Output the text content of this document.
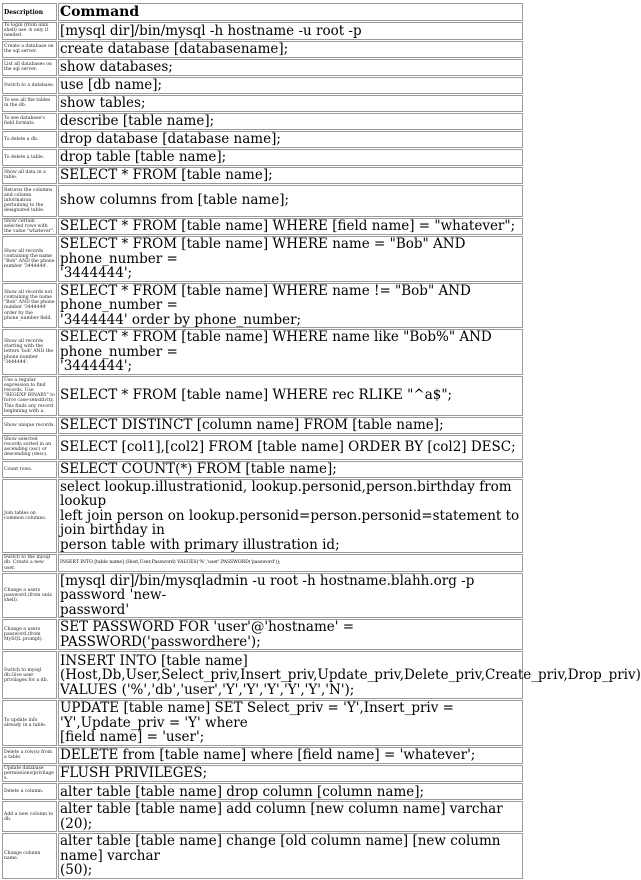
Description	Command
To login (from unix shell) use -h only if needed.	[mysql dir]/bin/mysql -h hostname -u root -p
Create a database on the sql server.	create database [databasename];
List all databases on the sql server.	show databases;
Switch to a database.	use [db name];
To see all the tables in the db.	show tables;
To see database's field formats.	describe [table name];
To delete a db.	drop database [database name];
To delete a table.	drop table [table name];
Show all data in a table.	SELECT * FROM [table name];
Returns the columns and column information pertaining to the designated table.	show columns from [table name];
Show certain selected rows with the value "whatever".	SELECT * FROM [table name] WHERE [field name] = "whatever";
Show all records containing the name "Bob" AND the phone number '3444444'.	SELECT * FROM [table name] WHERE name = "Bob" AND phone_number =
'3444444';
Show all records not containing the name "Bob" AND the phone number '3444444' order by the phone_number field.	SELECT * FROM [table name] WHERE name != "Bob" AND phone_number =
'3444444' order by phone_number;
Show all records starting with the letters 'bob' AND the phone number '3444444'.	SELECT * FROM [table name] WHERE name like "Bob%" AND phone_number =
'3444444';
Use a regular expression to find records. Use "REGEXP BINARY" to force case-sensitivity. This finds any record beginning with a.	SELECT * FROM [table name] WHERE rec RLIKE "^a$";
Show unique records.	SELECT DISTINCT [column name] FROM [table name];
Show selected records sorted in an ascending (asc) or descending (desc).	SELECT [col1],[col2] FROM [table name] ORDER BY [col2] DESC;
Count rows.	SELECT COUNT(*) FROM [table name];
Join tables on common columns.	select lookup.illustrationid, lookup.personid,person.birthday from lookup
left join person on lookup.personid=person.personid=statement to join birthday in
person table with primary illustration id;
Switch to the mysql db. Create a new user.	INSERT INTO [table name] (Host,User,Password) VALUES('%','user',PASSWORD('password'));
Change a users password.(from unix shell).	[mysql dir]/bin/mysqladmin -u root -h hostname.blahh.org -p password 'new-
password'
Change a users password.(from MySQL prompt).	SET PASSWORD FOR 'user'@'hostname' = PASSWORD('passwordhere');
Switch to mysql db.Give user privilages for a db.	INSERT INTO [table name]
(Host,Db,User,Select_priv,Insert_priv,Update_priv,Delete_priv,Create_priv,Drop_priv)
VALUES ('%','db','user','Y','Y','Y','Y','Y','N');
To update info already in a table.	UPDATE [table name] SET Select_priv = 'Y',Insert_priv = 'Y',Update_priv = 'Y' where
[field name] = 'user';
Delete a row(s) from a table.	DELETE from [table name] where [field name] = 'whatever';
Update database permissions/privilages.	FLUSH PRIVILEGES;
Delete a column.	alter table [table name] drop column [column name];
Add a new column to db.	alter table [table name] add column [new column name] varchar (20);
Change column name.	alter table [table name] change [old column name] [new column name] varchar
(50);
